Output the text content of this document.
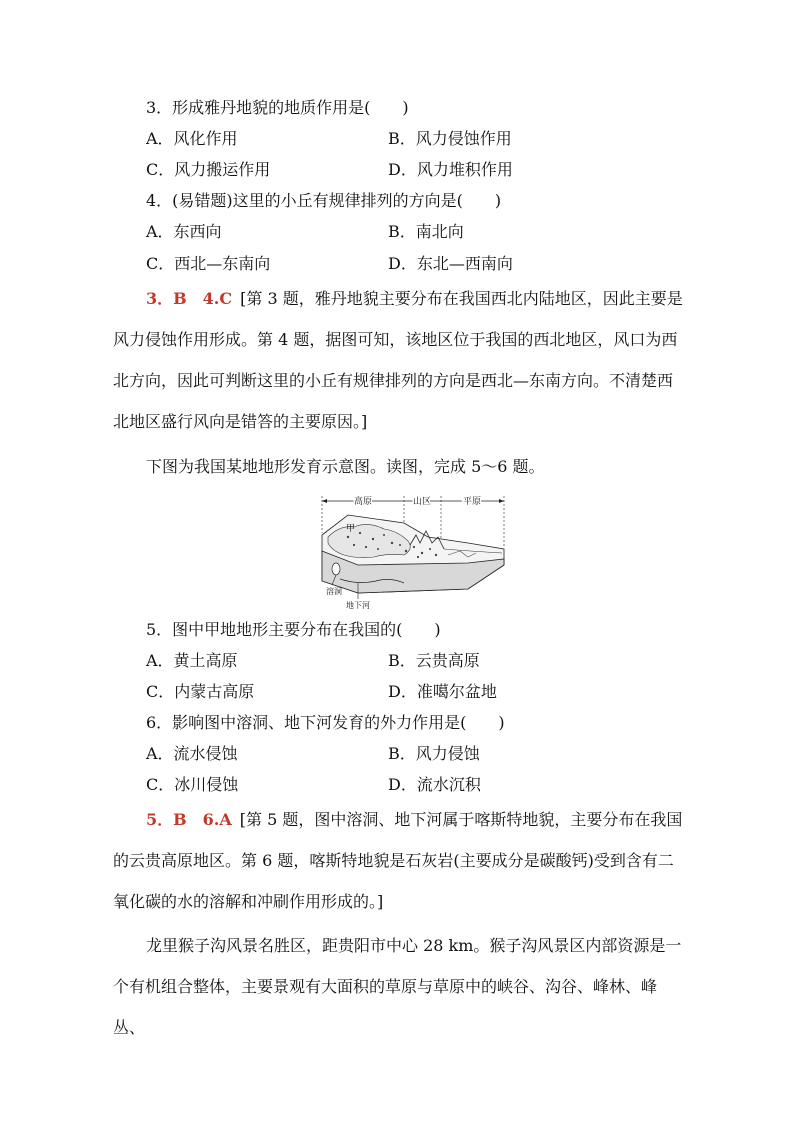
3．形成雅丹地貌的地质作用是(　　)
A．风化作用	B．风力侵蚀作用
C．风力搬运作用	D．风力堆积作用
4．(易错题)这里的小丘有规律排列的方向是(　　)
A．东西向	B．南北向
C．西北—东南向	D．东北—西南向
3．B　4.C [第 3 题，雅丹地貌主要分布在我国西北内陆地区，因此主要是风力侵蚀作用形成。第 4 题，据图可知，该地区位于我国的西北地区，风口为西北方向，因此可判断这里的小丘有规律排列的方向是西北—东南方向。不清楚西北地区盛行风向是错答的主要原因。]
下图为我国某地地形发育示意图。读图，完成 5～6 题。
高原	山区	平原
甲
溶洞
地下河
5．图中甲地地形主要分布在我国的(　　)
A．黄土高原	B．云贵高原
C．内蒙古高原	D．准噶尔盆地
6．影响图中溶洞、地下河发育的外力作用是(　　)
A．流水侵蚀	B．风力侵蚀
C．冰川侵蚀	D．流水沉积
5．B　6.A [第 5 题，图中溶洞、地下河属于喀斯特地貌，主要分布在我国的云贵高原地区。第 6 题，喀斯特地貌是石灰岩(主要成分是碳酸钙)受到含有二氧化碳的水的溶解和冲刷作用形成的。]
龙里猴子沟风景名胜区，距贵阳市中心 28 km。猴子沟风景区内部资源是一个有机组合整体，主要景观有大面积的草原与草原中的峡谷、沟谷、峰林、峰丛、
